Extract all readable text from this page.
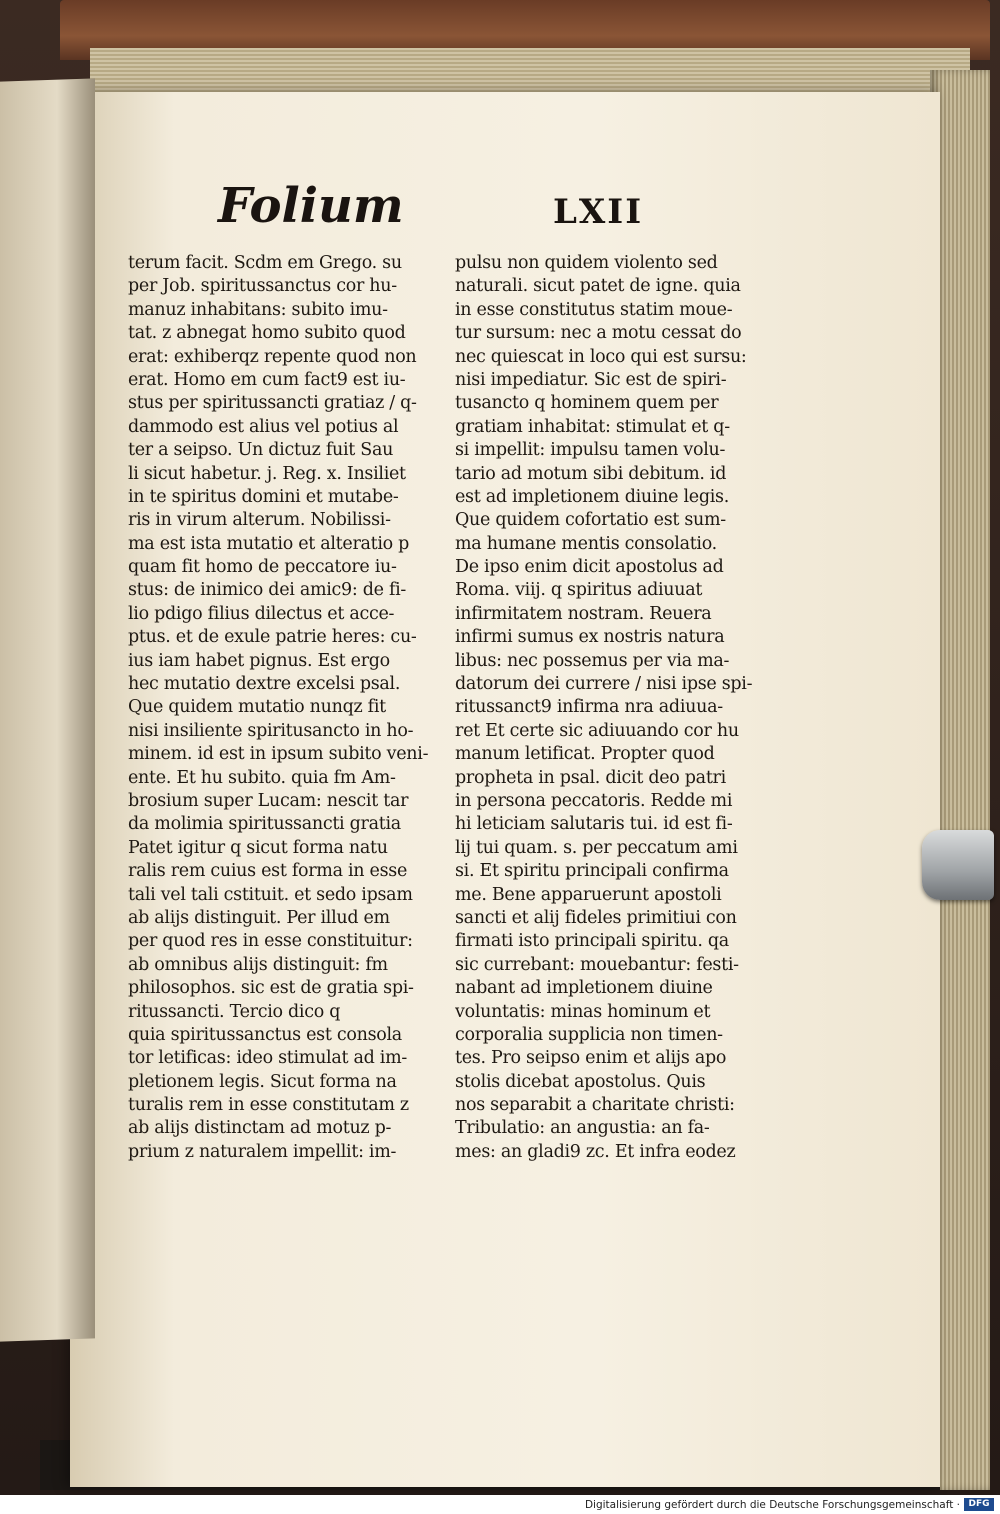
Folium	LXII
terum facit. Scdm em Grego. su
per Job. spiritussanctus cor hu-
manuz inhabitans: subito imu-
tat. z abnegat homo subito quod
erat: exhiberqz repente quod non
erat. Homo em cum fact9 est iu-
stus per spiritussancti gratiaz / q-
dammodo est alius vel potius al
ter a seipso. Un dictuz fuit Sau
li sicut habetur. j. Reg. x. Insiliet
in te spiritus domini et mutabe-
ris in virum alterum. Nobilissi-
ma est ista mutatio et alteratio p
quam fit homo de peccatore iu-
stus: de inimico dei amic9: de fi-
lio pdigo filius dilectus et acce-
ptus. et de exule patrie heres: cu-
ius iam habet pignus. Est ergo
hec mutatio dextre excelsi psal.
Que quidem mutatio nunqz fit
nisi insiliente spiritusancto in ho-
minem. id est in ipsum subito veni-
ente. Et hu subito. quia fm Am-
brosium super Lucam: nescit tar
da molimia spiritussancti gratia
Patet igitur q sicut forma natu
ralis rem cuius est forma in esse
tali vel tali cstituit. et sedo ipsam
ab alijs distinguit. Per illud em
per quod res in esse constituitur:
ab omnibus alijs distinguit: fm
philosophos. sic est de gratia spi-
ritussancti. Tercio dico q
quia spiritussanctus est consola
tor letificas: ideo stimulat ad im-
pletionem legis. Sicut forma na
turalis rem in esse constitutam z
ab alijs distinctam ad motuz p-
prium z naturalem impellit: im-
pulsu non quidem violento sed
naturali. sicut patet de igne. quia
in esse constitutus statim moue-
tur sursum: nec a motu cessat do
nec quiescat in loco qui est sursu:
nisi impediatur. Sic est de spiri-
tusancto q hominem quem per
gratiam inhabitat: stimulat et q-
si impellit: impulsu tamen volu-
tario ad motum sibi debitum. id
est ad impletionem diuine legis.
Que quidem cofortatio est sum-
ma humane mentis consolatio.
De ipso enim dicit apostolus ad
Roma. viij. q spiritus adiuuat
infirmitatem nostram. Reuera
infirmi sumus ex nostris natura
libus: nec possemus per via ma-
datorum dei currere / nisi ipse spi-
ritussanct9 infirma nra adiuua-
ret Et certe sic adiuuando cor hu
manum letificat. Propter quod
propheta in psal. dicit deo patri
in persona peccatoris. Redde mi
hi leticiam salutaris tui. id est fi-
lij tui quam. s. per peccatum ami
si. Et spiritu principali confirma
me. Bene apparuerunt apostoli
sancti et alij fideles primitiui con
firmati isto principali spiritu. qa
sic currebant: mouebantur: festi-
nabant ad impletionem diuine
voluntatis: minas hominum et
corporalia supplicia non timen-
tes. Pro seipso enim et alijs apo
stolis dicebat apostolus. Quis
nos separabit a charitate christi:
Tribulatio: an angustia: an fa-
mes: an gladi9 zc. Et infra eodez
Digitalisierung gefördert durch die Deutsche Forschungsgemeinschaft · DFG
